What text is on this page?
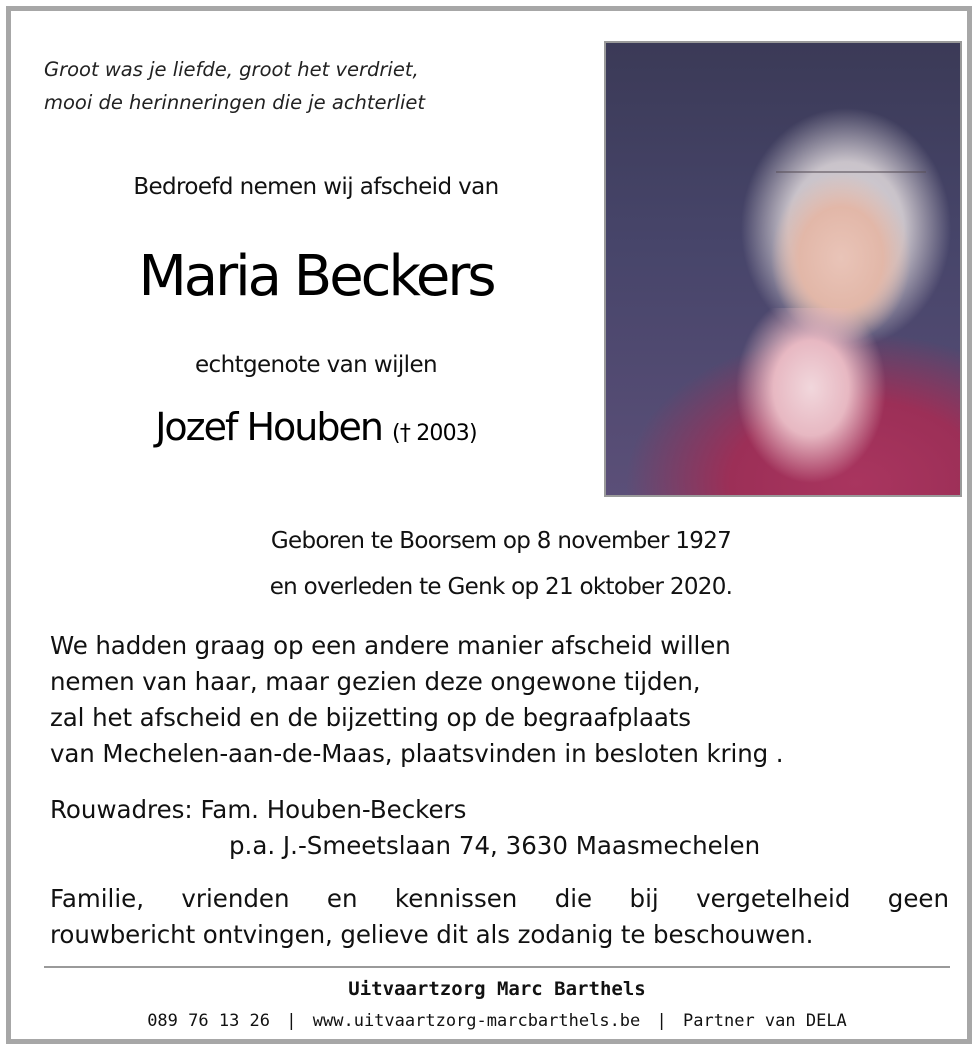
Groot was je liefde, groot het verdriet,
mooi de herinneringen die je achterliet
Bedroefd nemen wij afscheid van
Maria Beckers
echtgenote van wijlen
Jozef Houben († 2003)
Geboren te Boorsem op 8 november 1927
en overleden te Genk op 21 oktober 2020.
We hadden graag op een andere manier afscheid willen
nemen van haar, maar gezien deze ongewone tijden,
zal het afscheid en de bijzetting op de begraafplaats
van Mechelen-aan-de-Maas, plaatsvinden in besloten kring .
Rouwadres: Fam. Houben-Beckers
p.a. J.-Smeetslaan 74, 3630 Maasmechelen
Familie, vrienden en kennissen die bij vergetelheid geen
rouwbericht ontvingen, gelieve dit als zodanig te beschouwen.
Uitvaartzorg Marc Barthels
089 76 13 26 | www.uitvaartzorg-marcbarthels.be | Partner van DELA
